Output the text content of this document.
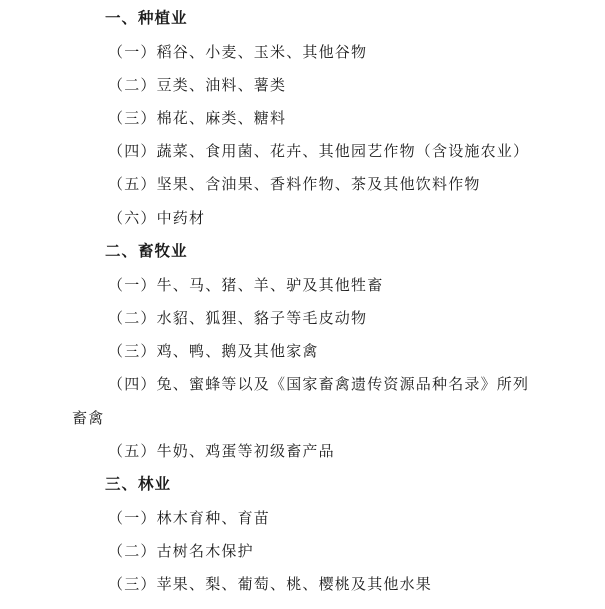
一、种植业
（一）稻谷、小麦、玉米、其他谷物
（二）豆类、油料、薯类
（三）棉花、麻类、糖料
（四）蔬菜、食用菌、花卉、其他园艺作物（含设施农业）
（五）坚果、含油果、香料作物、茶及其他饮料作物
（六）中药材
二、畜牧业
（一）牛、马、猪、羊、驴及其他牲畜
（二）水貂、狐狸、貉子等毛皮动物
（三）鸡、鸭、鹅及其他家禽
（四）兔、蜜蜂等以及《国家畜禽遗传资源品种名录》所列
畜禽
（五）牛奶、鸡蛋等初级畜产品
三、林业
（一）林木育种、育苗
（二）古树名木保护
（三）苹果、梨、葡萄、桃、樱桃及其他水果
